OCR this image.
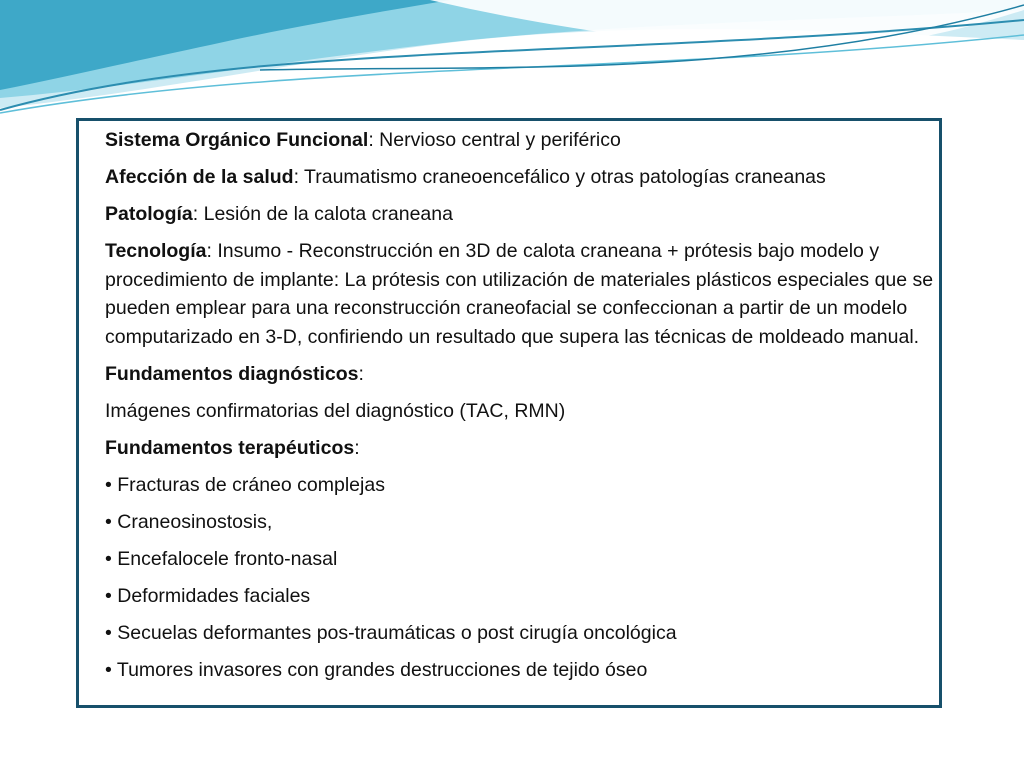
Sistema Orgánico Funcional: Nervioso central y periférico

Afección de la salud: Traumatismo craneoencefálico y otras patologías craneanas

Patología: Lesión de la calota craneana

Tecnología: Insumo - Reconstrucción en 3D de calota craneana + prótesis bajo modelo y procedimiento de implante: La prótesis con utilización de materiales plásticos especiales que se pueden emplear para una reconstrucción craneofacial se confeccionan a partir de un modelo computarizado en 3-D, confiriendo un resultado que supera las técnicas de moldeado manual.

Fundamentos diagnósticos:

Imágenes confirmatorias del diagnóstico (TAC, RMN)

Fundamentos terapéuticos:

• Fracturas de cráneo complejas

• Craneosinostosis,

• Encefalocele fronto-nasal

• Deformidades faciales

• Secuelas deformantes pos-traumáticas o post cirugía oncológica

• Tumores invasores con grandes destrucciones de tejido óseo
